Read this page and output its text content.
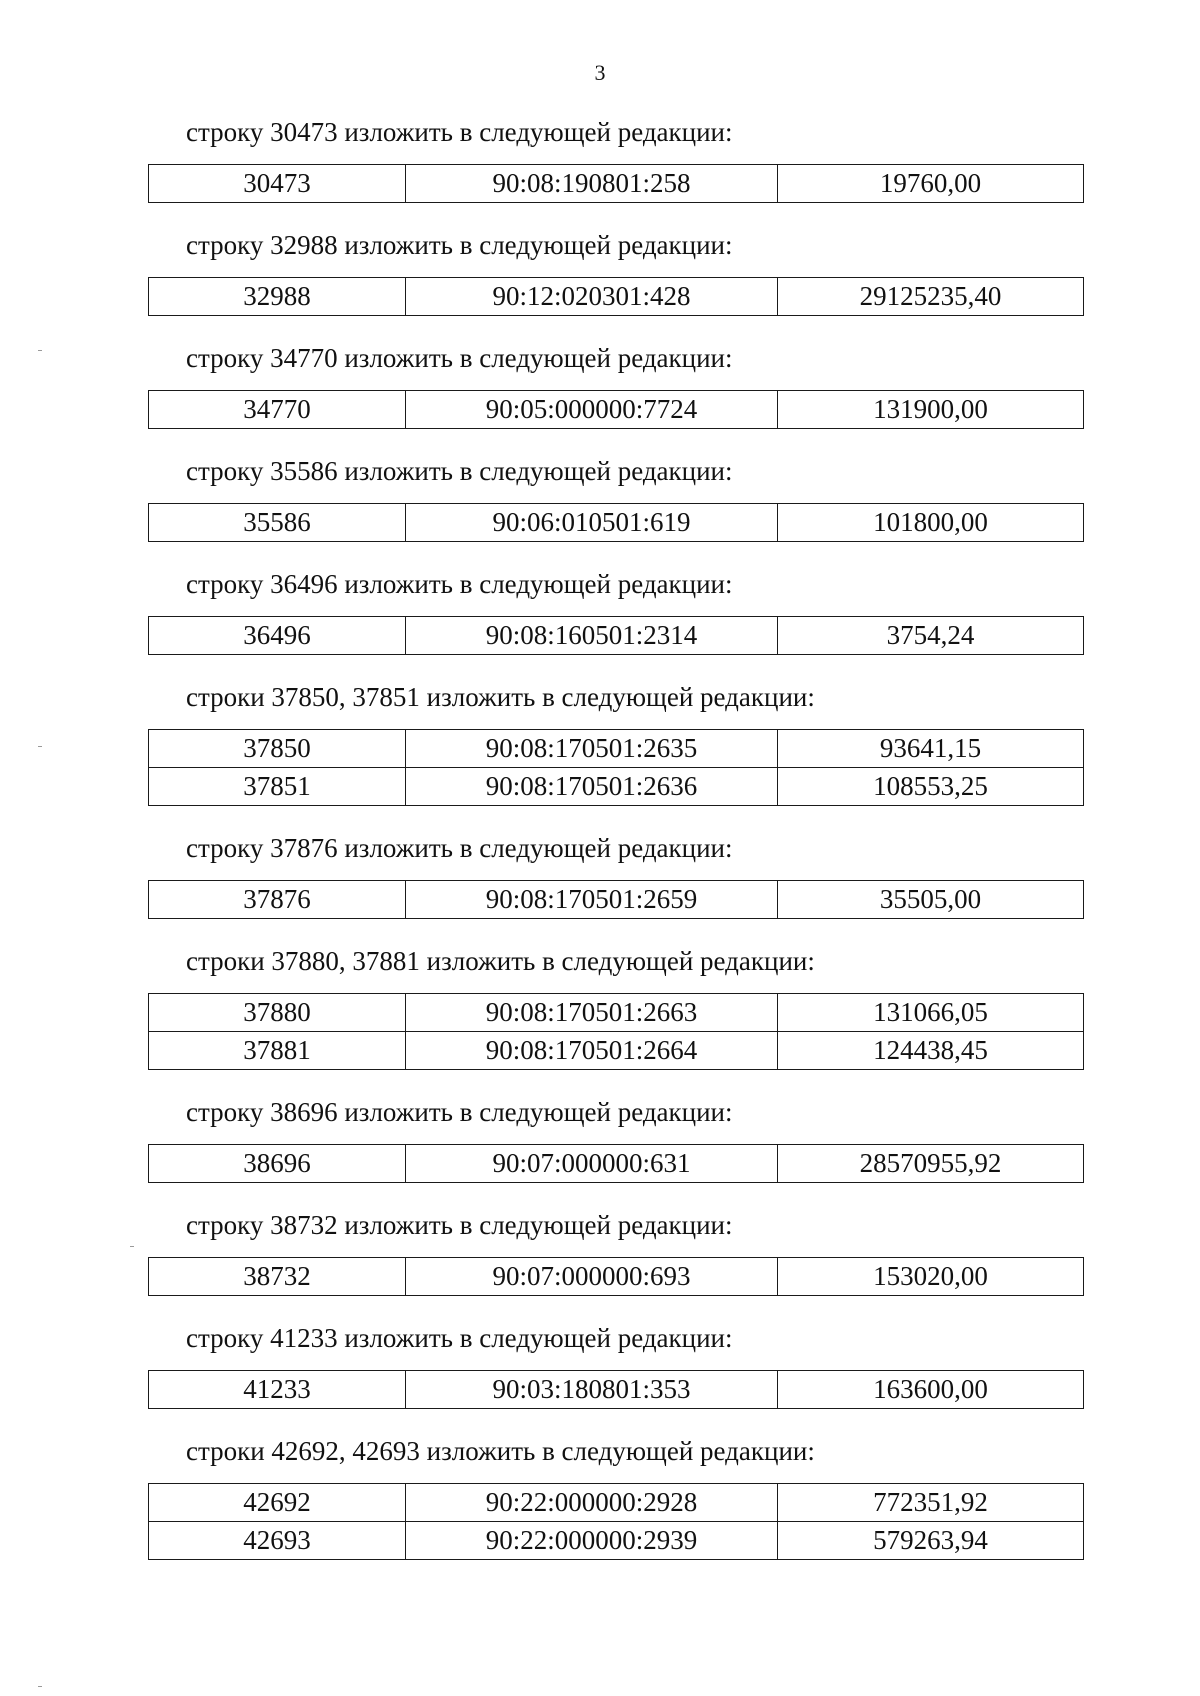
3
строку 30473 изложить в следующей редакции:
30473	90:08:190801:258	19760,00
строку 32988 изложить в следующей редакции:
32988	90:12:020301:428	29125235,40
строку 34770 изложить в следующей редакции:
34770	90:05:000000:7724	131900,00
строку 35586 изложить в следующей редакции:
35586	90:06:010501:619	101800,00
строку 36496 изложить в следующей редакции:
36496	90:08:160501:2314	3754,24
строки 37850, 37851 изложить в следующей редакции:
37850	90:08:170501:2635	93641,15
37851	90:08:170501:2636	108553,25
строку 37876 изложить в следующей редакции:
37876	90:08:170501:2659	35505,00
строки 37880, 37881 изложить в следующей редакции:
37880	90:08:170501:2663	131066,05
37881	90:08:170501:2664	124438,45
строку 38696 изложить в следующей редакции:
38696	90:07:000000:631	28570955,92
строку 38732 изложить в следующей редакции:
38732	90:07:000000:693	153020,00
строку 41233 изложить в следующей редакции:
41233	90:03:180801:353	163600,00
строки 42692, 42693 изложить в следующей редакции:
42692	90:22:000000:2928	772351,92
42693	90:22:000000:2939	579263,94
